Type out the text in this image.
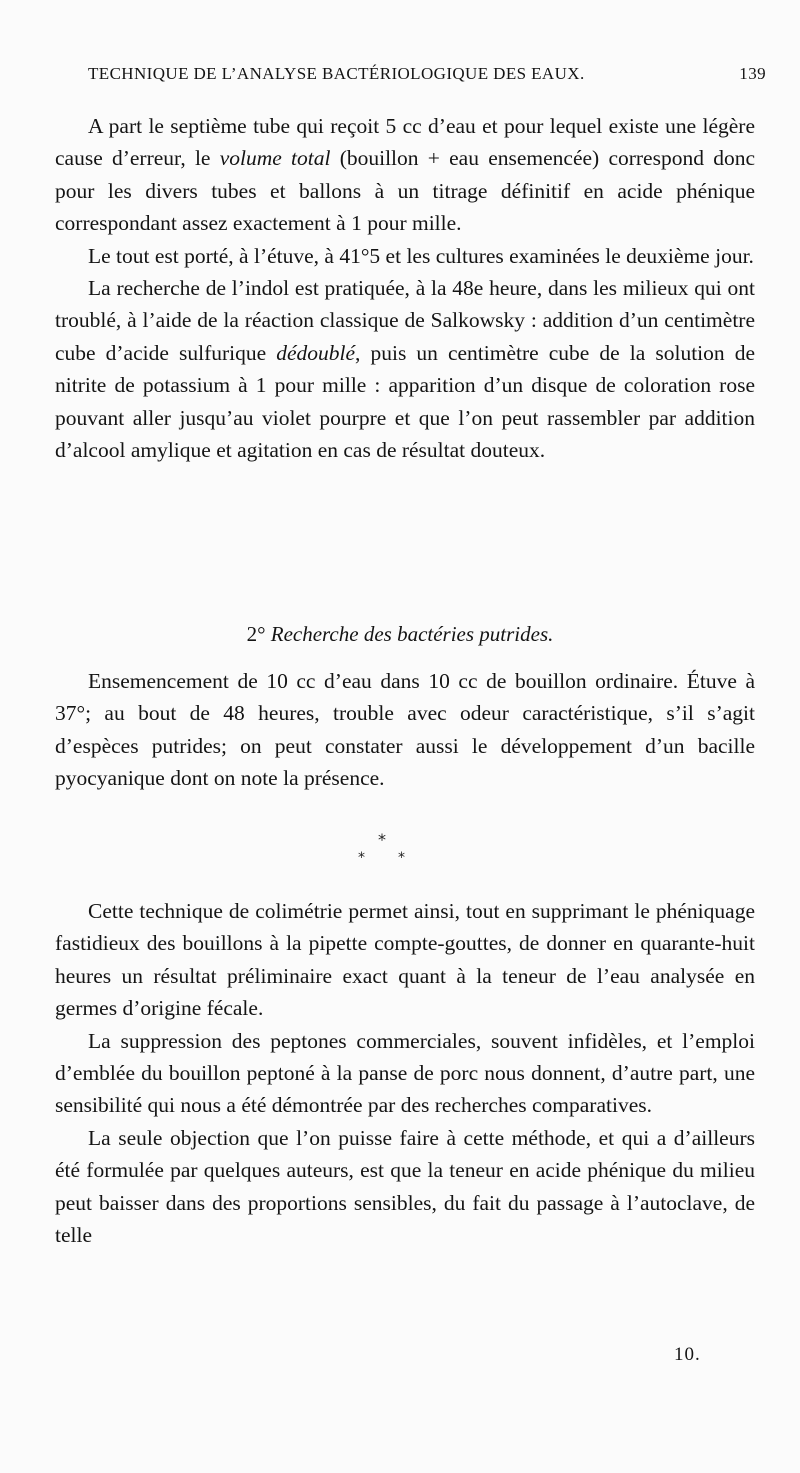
TECHNIQUE DE L’ANALYSE BACTÉRIOLOGIQUE DES EAUX.	139

A part le septième tube qui reçoit 5 cc d’eau et pour lequel existe une légère cause d’erreur, le volume total (bouillon + eau ensemencée) correspond donc pour les divers tubes et ballons à un titrage définitif en acide phénique correspondant assez exactement à 1 pour mille.

Le tout est porté, à l’étuve, à 41°5 et les cultures examinées le deuxième jour.

La recherche de l’indol est pratiquée, à la 48e heure, dans les milieux qui ont troublé, à l’aide de la réaction classique de Salkowsky : addition d’un centimètre cube d’acide sulfurique dédoublé, puis un centimètre cube de la solution de nitrite de potassium à 1 pour mille : apparition d’un disque de coloration rose pouvant aller jusqu’au violet pourpre et que l’on peut rassembler par addition d’alcool amylique et agitation en cas de résultat douteux.

2° Recherche des bactéries putrides.

Ensemencement de 10 cc d’eau dans 10 cc de bouillon ordinaire. Étuve à 37°; au bout de 48 heures, trouble avec odeur caractéristique, s’il s’agit d’espèces putrides; on peut constater aussi le développement d’un bacille pyocyanique dont on note la présence.

*
* *

Cette technique de colimétrie permet ainsi, tout en supprimant le phéniquage fastidieux des bouillons à la pipette compte-gouttes, de donner en quarante-huit heures un résultat préliminaire exact quant à la teneur de l’eau analysée en germes d’origine fécale.

La suppression des peptones commerciales, souvent infidèles, et l’emploi d’emblée du bouillon peptoné à la panse de porc nous donnent, d’autre part, une sensibilité qui nous a été démontrée par des recherches comparatives.

La seule objection que l’on puisse faire à cette méthode, et qui a d’ailleurs été formulée par quelques auteurs, est que la teneur en acide phénique du milieu peut baisser dans des proportions sensibles, du fait du passage à l’autoclave, de telle

10.
